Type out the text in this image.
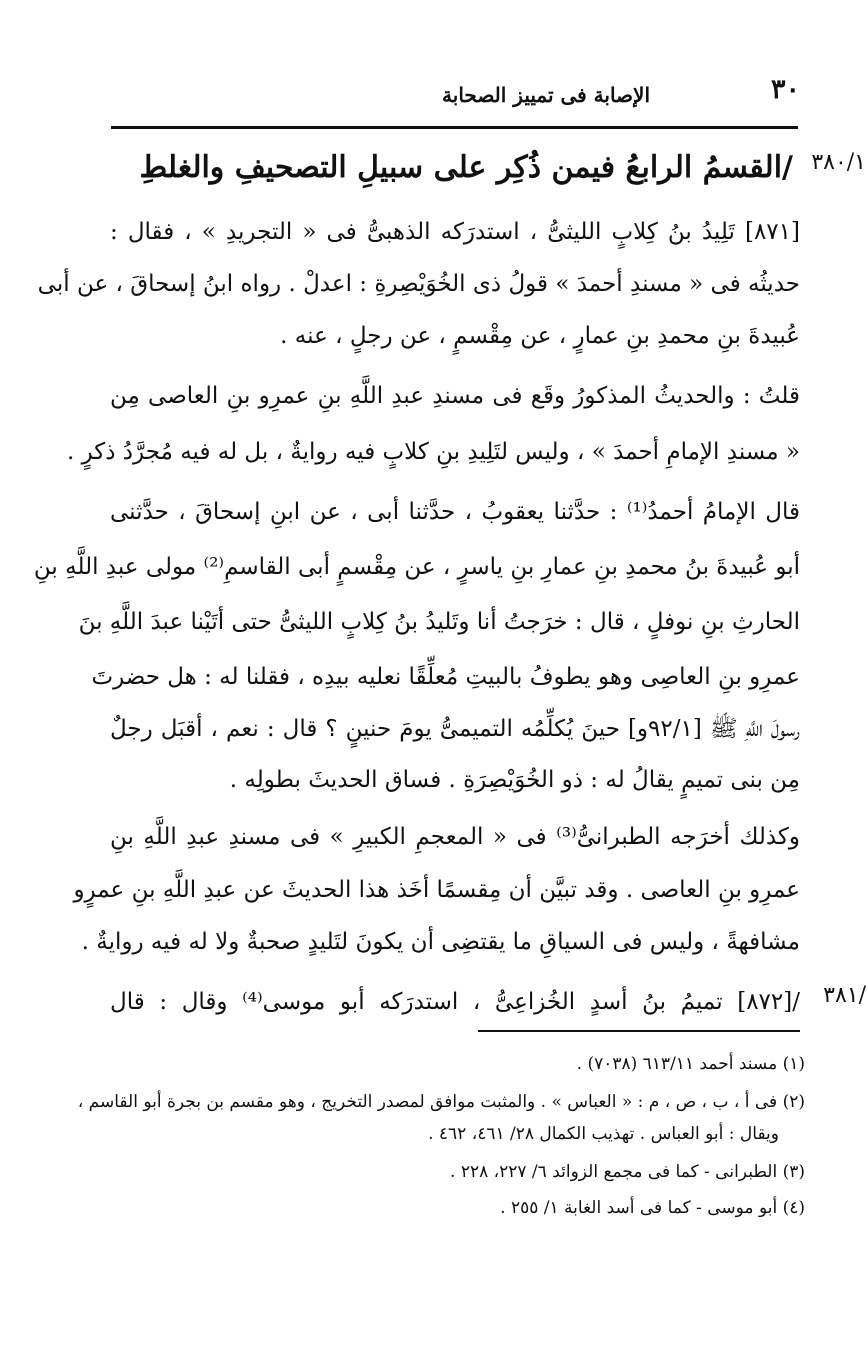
٣٠
الإصابة فى تمييز الصحابة
٣٨٠/١
٣٨١/
/القسمُ الرابعُ فيمن ذُكِر على سبيلِ التصحيفِ والغلطِ
[٨٧١] تَلِيدُ بنُ كِلابٍ الليثىُّ ، استدرَكه الذهبىُّ فى « التجريدِ » ، فقال :
حديثُه فى « مسندِ أحمدَ » قولُ ذى الخُوَيْصِرةِ : اعدلْ . رواه ابنُ إسحاقَ ، عن أبى
عُبيدةَ بنِ محمدِ بنِ عمارٍ ، عن مِقْسمٍ ، عن رجلٍ ، عنه .
قلتُ : والحديثُ المذكورُ وقَع فى مسندِ عبدِ اللَّهِ بنِ عمرِو بنِ العاصى مِن
« مسندِ الإمامِ أحمدَ » ، وليس لتَلِيدِ بنِ كلابٍ فيه روايةٌ ، بل له فيه مُجرَّدُ ذكرٍ .
قال الإمامُ أحمدُ⁽¹⁾ : حدَّثنا يعقوبُ ، حدَّثنا أبى ، عن ابنِ إسحاقَ ، حدَّثنى
أبو عُبيدةَ بنُ محمدِ بنِ عمارِ بنِ ياسرٍ ، عن مِقْسمٍ أبى القاسمِ⁽²⁾ مولى عبدِ اللَّهِ بنِ
الحارثِ بنِ نوفلٍ ، قال : خرَجتُ أنا وتَليدُ بنُ كِلابٍ الليثىُّ حتى أتَيْنا عبدَ اللَّهِ بنَ
عمرِو بنِ العاصِى وهو يطوفُ بالبيتِ مُعلِّقًا نعليه بيدِه ، فقلنا له : هل حضرتَ
رسولَ اللَّهِ ﷺ [٩٢/١و] حينَ يُكلِّمُه التميمىُّ يومَ حنينٍ ؟ قال : نعم ، أقبَل رجلٌ
مِن بنى تميمٍ يقالُ له : ذو الخُوَيْصِرَةِ . فساق الحديثَ بطولِه .
وكذلك أخرَجه الطبرانىُّ⁽³⁾ فى « المعجمِ الكبيرِ » فى مسندِ عبدِ اللَّهِ بنِ
عمرِو بنِ العاصى . وقد تبيَّن أن مِقسمًا أخَذ هذا الحديثَ عن عبدِ اللَّهِ بنِ عمرٍو
مشافهةً ، وليس فى السياقِ ما يقتضِى أن يكونَ لتَليدٍ صحبةٌ ولا له فيه روايةٌ .
/[٨٧٢] تميمُ بنُ أسدٍ الخُزاعِىُّ ، استدرَكه أبو موسى⁽⁴⁾ وقال : قال
(١) مسند أحمد ٦١٣/١١ (٧٠٣٨) .
(٢) فى أ ، ب ، ص ، م : « العباس » . والمثبت موافق لمصدر التخريج ، وهو مقسم بن بجرة أبو القاسم ،
ويقال : أبو العباس . تهذيب الكمال ٢٨/ ٤٦١، ٤٦٢ .
(٣) الطبرانى - كما فى مجمع الزوائد ٦/ ٢٢٧، ٢٢٨ .
(٤) أبو موسى - كما فى أسد الغابة ١/ ٢٥٥ .
